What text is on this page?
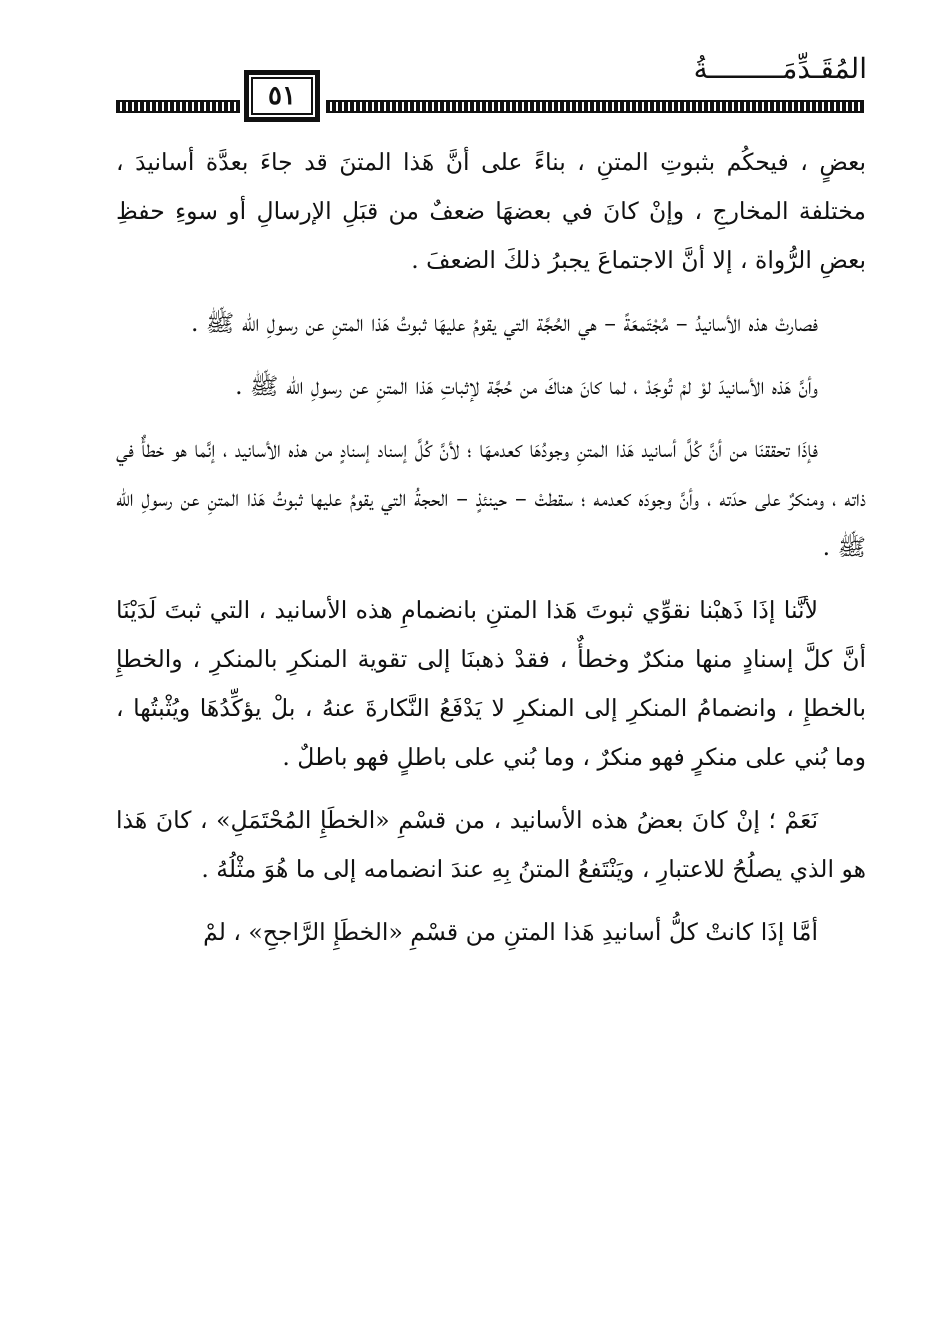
المُقَـدِّمَـــــــــةُ
٥١

بعضٍ ، فيحكُم بثبوتِ المتنِ ، بناءً على أنَّ هَذا المتنَ قد جاءَ بعدَّة أسانيدَ ، مختلفة المخارجِ ، وإنْ كانَ في بعضهَا ضعفٌ من قبَلِ الإرسالِ أو سوءِ حفظِ بعضِ الرُّواة ، إلا أنَّ الاجتماعَ يجبرُ ذلكَ الضعفَ .

فصارتْ هذه الأسانيدُ – مُجْتَمعَةً – هي الحُجَّة التي يقومُ عليهَا ثبوتُ هَذا المتنِ عن رسولِ الله ﷺ .

وأنَّ هَذه الأسانيدَ لوْ لمْ تُوجَدْ ، لما كانَ هناكَ من حُجَّة لإثباتِ هَذا المتنِ عن رسولِ الله ﷺ .

فإذَا تحققنَا من أنَّ كُلَّ أسانيد هَذا المتنِ وجودُهَا كعدمهَا ؛ لأنَّ كُلَّ إسناد إسنادٍ من هذه الأسانيد ، إنَّما هو خطأٌ في ذاته ، ومنكرٌ على حدَته ، وأنَّ وجودَه كعدمه ؛ سقطتْ – حينئذٍ – الحجةُ التي يقومُ عليها ثبوتُ هَذا المتنِ عن رسولِ الله ﷺ .

لأنَّنا إذَا ذَهبْنا نقوِّي ثبوتَ هَذا المتنِ بانضمامِ هذه الأسانيد ، التي ثبتَ لَدَيْنَا أنَّ كلَّ إسنادٍ منها منكرٌ وخطأٌ ، فقدْ ذهبنَا إلى تقوية المنكرِ بالمنكرِ ، والخطإِ بالخطإِ ، وانضمامُ المنكرِ إلى المنكرِ لا يَدْفَعُ النَّكارةَ عنهُ ، بلْ يؤكِّدُهَا ويُثْبتُها ، وما بُني على منكرٍ فهو منكرٌ ، وما بُني على باطلٍ فهو باطلٌ .

نَعَمْ ؛ إنْ كانَ بعضُ هذه الأسانيد ، من قسْمِ «الخطَإِ المُحْتَمَلِ» ، كانَ هَذا هو الذي يصلُحُ للاعتبارِ ، ويَنْتَفعُ المتنُ بِهِ عندَ انضمامه إلى ما هُوَ مثْلُهُ .

أمَّا إذَا كانتْ كلُّ أسانيدِ هَذا المتنِ من قسْمِ «الخطَإِ الرَّاجحِ» ، لمْ
